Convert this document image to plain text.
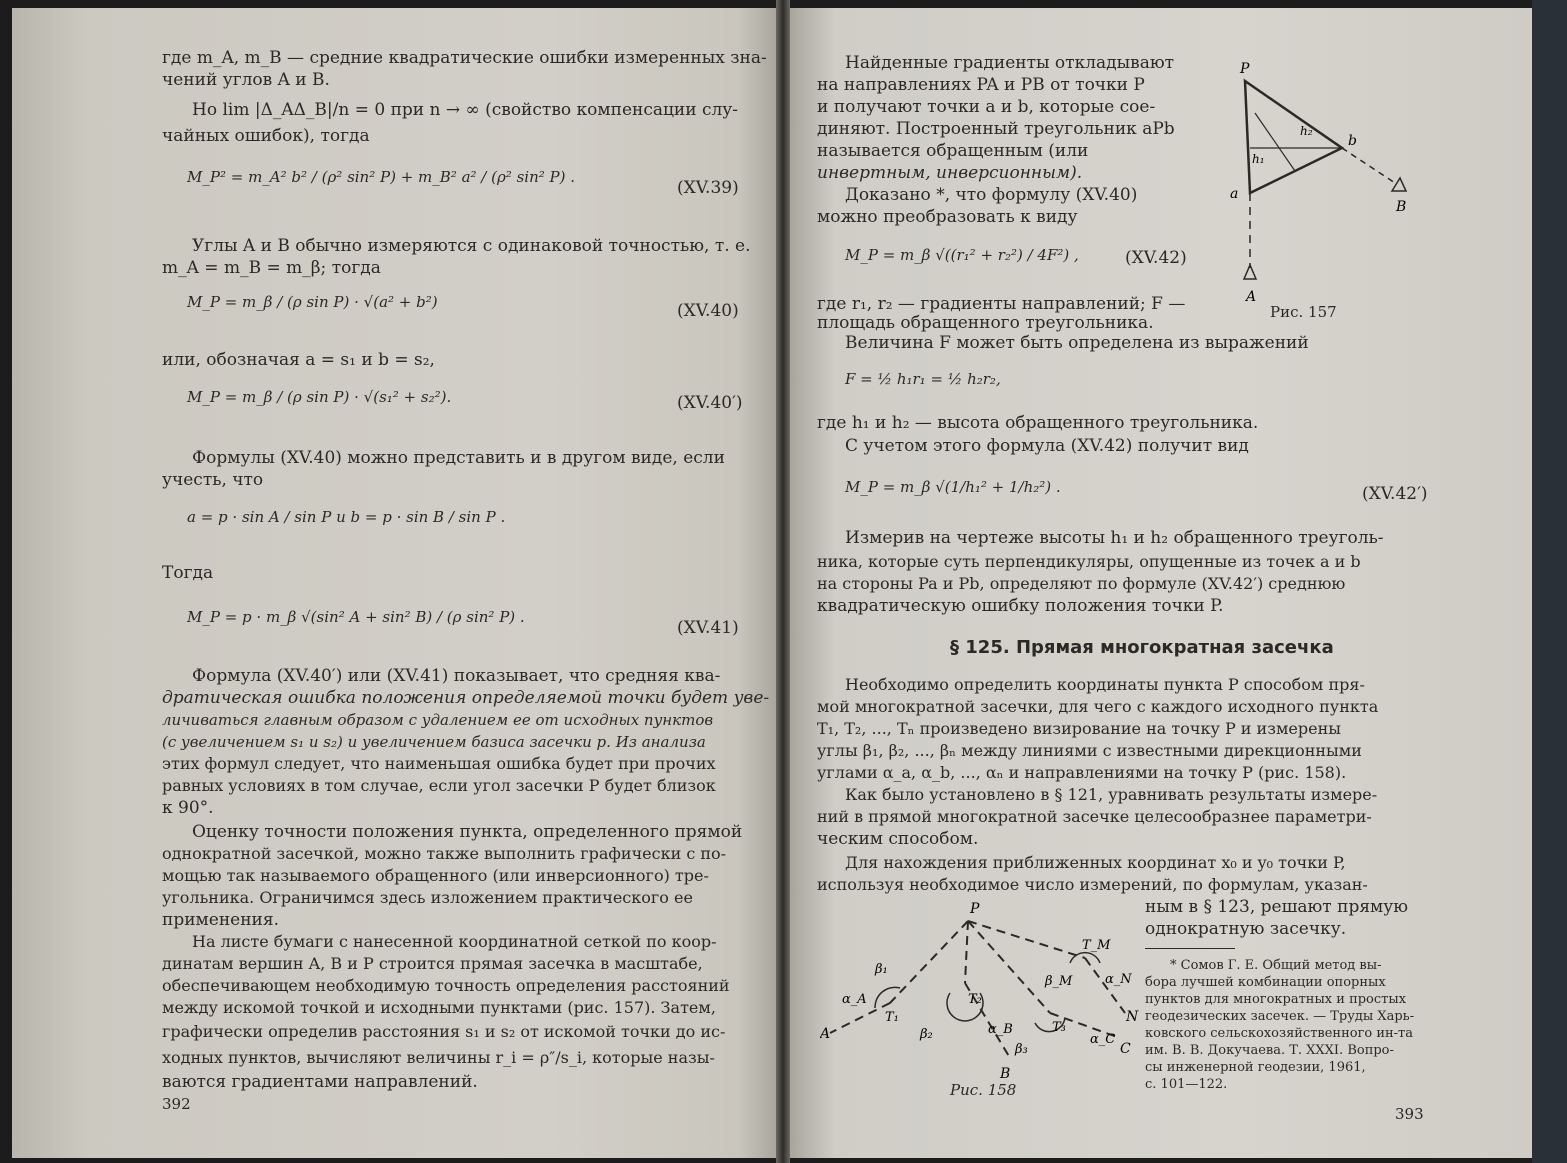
где m_A, m_B — средние квадратические ошибки измеренных зна-
чений углов A и B.
Но lim |Δ_AΔ_B|/n = 0 при n → ∞ (свойство компенсации слу-
чайных ошибок), тогда
M_P² = m_A² b² / (ρ² sin² P) + m_B² a² / (ρ² sin² P) .
(XV.39)
Углы A и B обычно измеряются с одинаковой точностью, т. е.
m_A = m_B = m_β; тогда
M_P = m_β / (ρ sin P) · √(a² + b²)	(XV.40)
или, обозначая a = s₁ и b = s₂,
M_P = m_β / (ρ sin P) · √(s₁² + s₂²).	(XV.40′)
Формулы (XV.40) можно представить и в другом виде, если
учесть, что
a = p · sin A / sin P и b = p · sin B / sin P .
Тогда
M_P = p · m_β √(sin² A + sin² B) / (ρ sin² P) .
(XV.41)
Формула (XV.40′) или (XV.41) показывает, что средняя ква-
дратическая ошибка положения определяемой точки будет уве-
личиваться главным образом с удалением ее от исходных пунктов
(с увеличением s₁ и s₂) и увеличением базиса засечки p. Из анализа
этих формул следует, что наименьшая ошибка будет при прочих
равных условиях в том случае, если угол засечки P будет близок
к 90°.
Оценку точности положения пункта, определенного прямой
однократной засечкой, можно также выполнить графически с по-
мощью так называемого обращенного (или инверсионного) тре-
угольника. Ограничимся здесь изложением практического ее
применения.
На листе бумаги с нанесенной координатной сеткой по коор-
динатам вершин A, B и P строится прямая засечка в масштабе,
обеспечивающем необходимую точность определения расстояний
между искомой точкой и исходными пунктами (рис. 157). Затем,
графически определив расстояния s₁ и s₂ от искомой точки до ис-
ходных пунктов, вычисляют величины r_i = ρ″/s_i, которые назы-
ваются градиентами направлений.
392
Найденные градиенты откладывают
на направлениях PA и PB от точки P
и получают точки a и b, которые сое-
диняют. Построенный треугольник aPb
называется обращенным (или
инвертным, инверсионным).
Доказано *, что формулу (XV.40)
можно преобразовать к виду
M_P = m_β √((r₁² + r₂²) / 4F²) ,	(XV.42)
где r₁, r₂ — градиенты направлений; F —
площадь обращенного треугольника.
Величина F может быть определена из выражений
F = ½ h₁r₁ = ½ h₂r₂,
где h₁ и h₂ — высота обращенного треугольника.
С учетом этого формула (XV.42) получит вид
M_P = m_β √(1/h₁² + 1/h₂²) .	(XV.42′)
Измерив на чертеже высоты h₁ и h₂ обращенного треуголь-
ника, которые суть перпендикуляры, опущенные из точек a и b
на стороны Pa и Pb, определяют по формуле (XV.42′) среднюю
квадратическую ошибку положения точки P.
§ 125. Прямая многократная засечка
Необходимо определить координаты пункта P способом пря-
мой многократной засечки, для чего с каждого исходного пункта
T₁, T₂, ..., Tₙ произведено визирование на точку P и измерены
углы β₁, β₂, ..., βₙ между линиями с известными дирекционными
углами α_a, α_b, ..., αₙ и направлениями на точку P (рис. 158).
Как было установлено в § 121, уравнивать результаты измере-
ний в прямой многократной засечке целесообразнее параметри-
ческим способом.
Для нахождения приближенных координат x₀ и y₀ точки P,
используя необходимое число измерений, по формулам, указан-
ным в § 123, решают прямую
однократную засечку.
* Сомов Г. Е. Общий метод вы-
бора лучшей комбинации опорных
пунктов для многократных и простых
геодезических засечек. — Труды Харь-
ковского сельскохозяйственного ин-та
им. В. В. Докучаева. Т. XXXI. Вопро-
сы инженерной геодезии, 1961,
с. 101—122.
393
P
a
b
A
B
h₁
h₂
Рис. 157
P
A
B
C
N
T₁
T₂
T₃
T_M
β₁
β₂
β₃
β_M
α_A
α_B
α_C
α_N
Рис. 158
